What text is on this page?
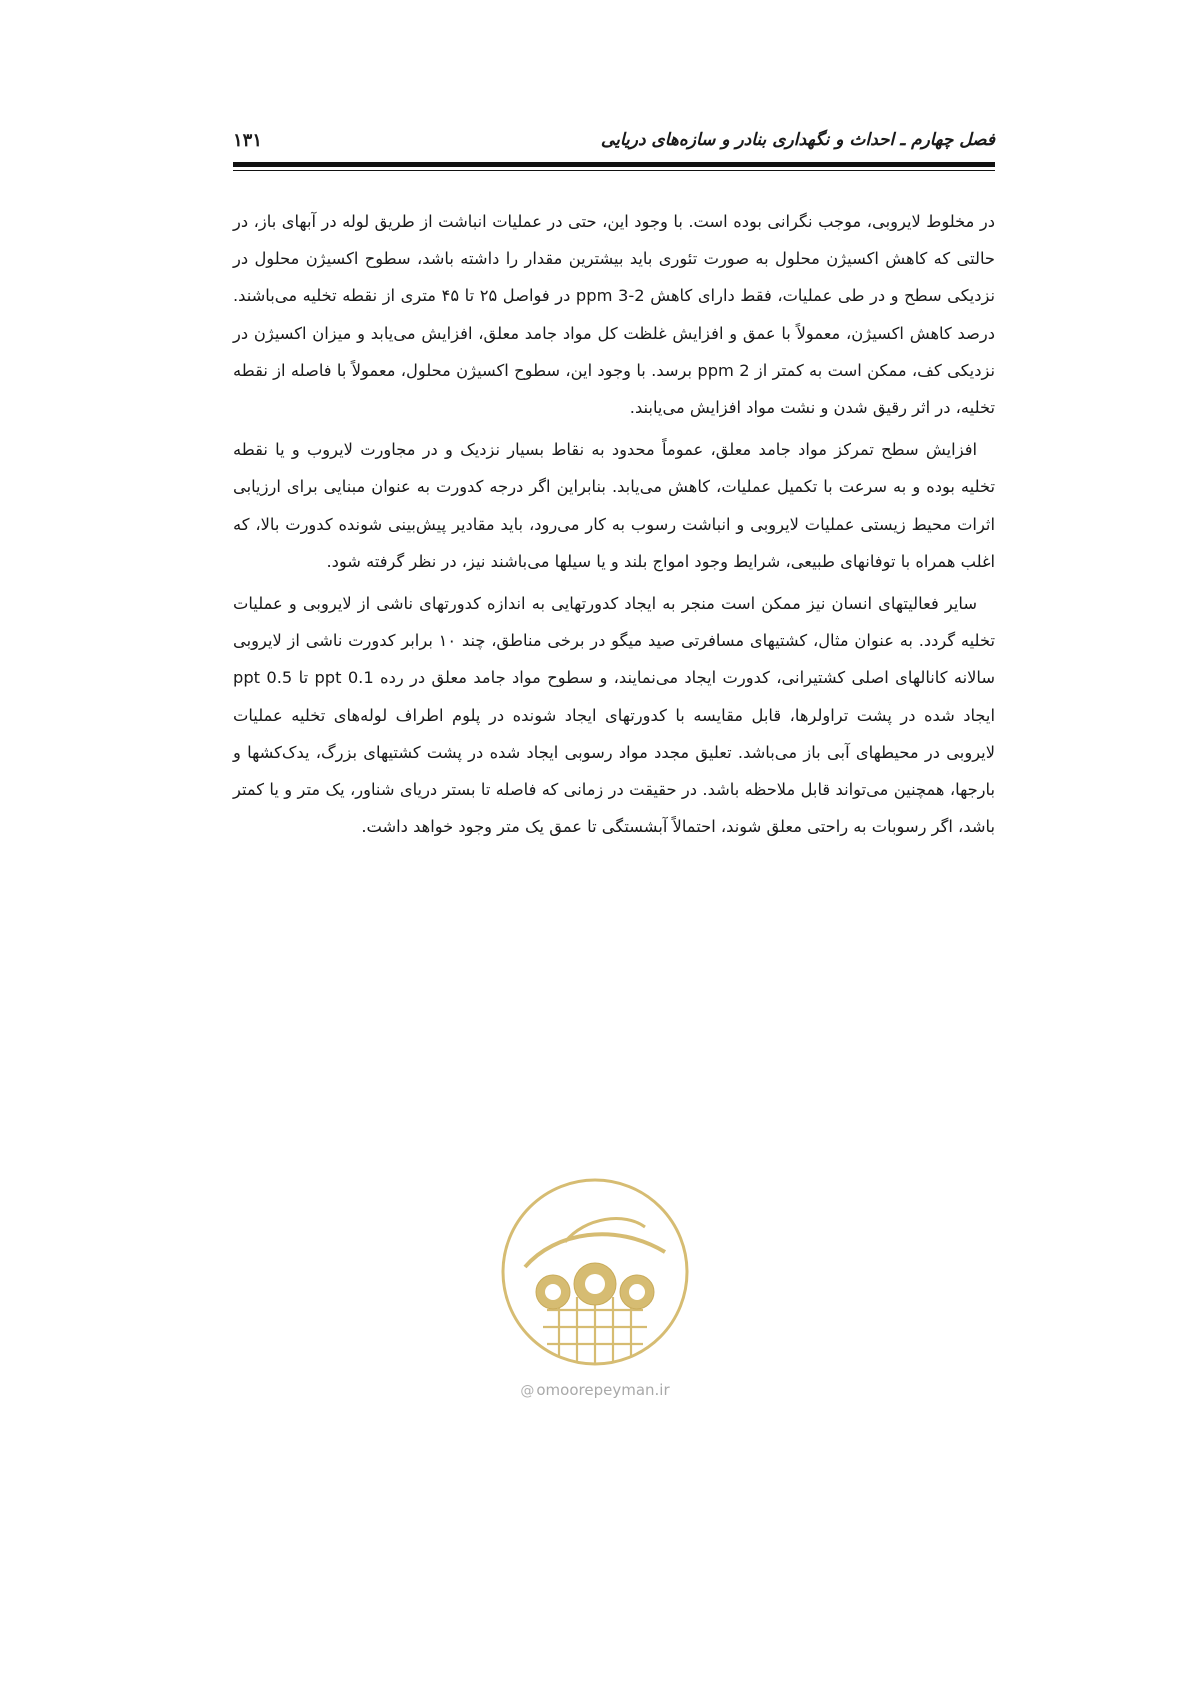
فصل چهارم ـ احداث و نگهداری بنادر و سازه‌های دریایی
۱۳۱

در مخلوط لایروبی، موجب نگرانی بوده است. با وجود این، حتی در عملیات انباشت از طریق لوله در آبهای باز، در حالتی که کاهش اکسیژن محلول به صورت تئوری باید بیشترین مقدار را داشته باشد، سطوح اکسیژن محلول در نزدیکی سطح و در طی عملیات، فقط دارای کاهش ppm 3-2 در فواصل ۲۵ تا ۴۵ متری از نقطه تخلیه می‌باشند. درصد کاهش اکسیژن، معمولاً با عمق و افزایش غلظت کل مواد جامد معلق، افزایش می‌یابد و میزان اکسیژن در نزدیکی کف، ممکن است به کمتر از ppm 2 برسد. با وجود این، سطوح اکسیژن محلول، معمولاً با فاصله از نقطه تخلیه، در اثر رقیق شدن و نشت مواد افزایش می‌یابند.

افزایش سطح تمرکز مواد جامد معلق، عموماً محدود به نقاط بسیار نزدیک و در مجاورت لایروب و یا نقطه تخلیه بوده و به سرعت با تکمیل عملیات، کاهش می‌یابد. بنابراین اگر درجه کدورت به عنوان مبنایی برای ارزیابی اثرات محیط زیستی عملیات لایروبی و انباشت رسوب به کار می‌رود، باید مقادیر پیش‌بینی شونده کدورت بالا، که اغلب همراه با توفانهای طبیعی، شرایط وجود امواج بلند و یا سیلها می‌باشند نیز، در نظر گرفته شود.

سایر فعالیتهای انسان نیز ممکن است منجر به ایجاد کدورتهایی به اندازه کدورتهای ناشی از لایروبی و عملیات تخلیه گردد. به عنوان مثال، کشتیهای مسافرتی صید میگو در برخی مناطق، چند ۱۰ برابر کدورت ناشی از لایروبی سالانه کانالهای اصلی کشتیرانی، کدورت ایجاد می‌نمایند، و سطوح مواد جامد معلق در رده ppt 0.1 تا ppt 0.5 ایجاد شده در پشت تراولرها، قابل مقایسه با کدورتهای ایجاد شونده در پلوم اطراف لوله‌های تخلیه عملیات لایروبی در محیطهای آبی باز می‌باشد. تعلیق مجدد مواد رسوبی ایجاد شده در پشت کشتیهای بزرگ، یدک‌کشها و بارجها، همچنین می‌تواند قابل ملاحظه باشد. در حقیقت در زمانی که فاصله تا بستر دریای شناور، یک متر و یا کمتر باشد، اگر رسوبات به راحتی معلق شوند، احتمالاً آبشستگی تا عمق یک متر وجود خواهد داشت.

@ omoorepeyman.ir
